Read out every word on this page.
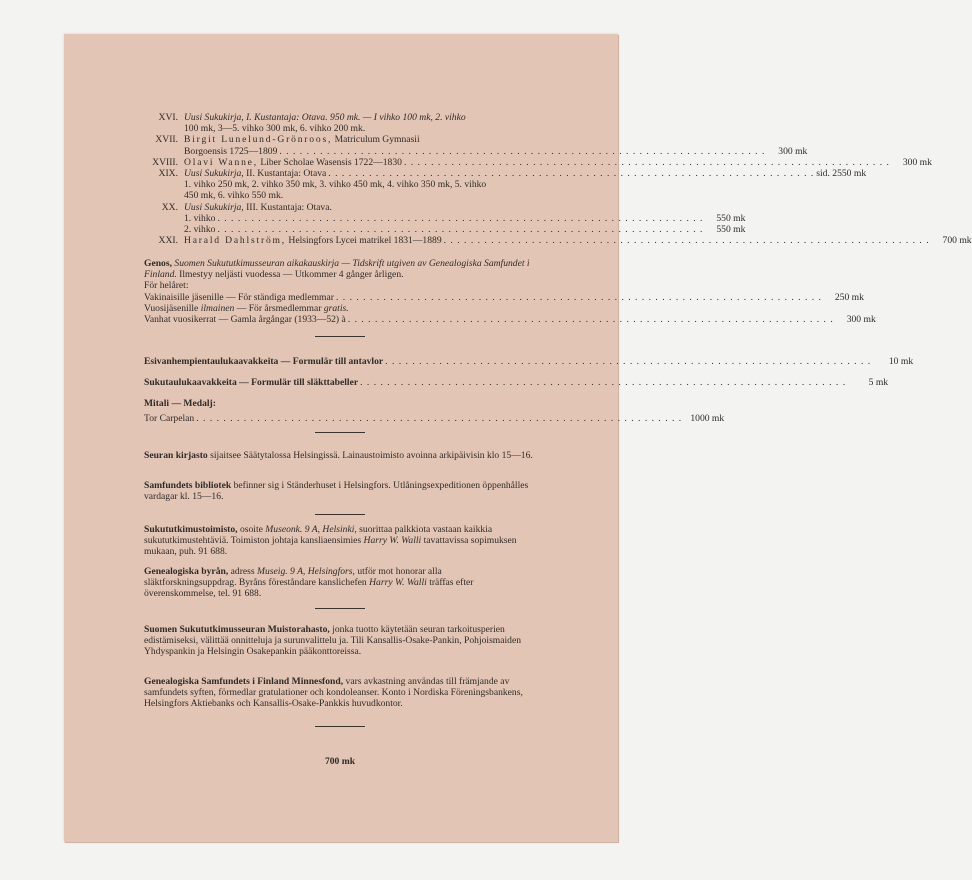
XVI. Uusi Sukukirja, I. Kustantaja: Otava. 950 mk. — I vihko 100 mk, 2. vihko
100 mk, 3—5. vihko 300 mk, 6. vihko 200 mk.
XVII. Birgit Lunelund-Grönroos, Matriculum Gymnasii
Borgoensis 1725—1809 . . .	300 mk
XVIII. Olavi Wanne, Liber Scholae Wasensis 1722—1830 . . .	300 mk
XIX. Uusi Sukukirja, II. Kustantaja: Otava . . .	sid. 2550 mk
1. vihko 250 mk, 2. vihko 350 mk, 3. vihko 450 mk, 4. vihko 350 mk, 5. vihko
450 mk, 6. vihko 550 mk.
XX. Uusi Sukukirja, III. Kustantaja: Otava.
1. vihko . . .	550 mk
2. vihko . . .	550 mk
XXI. Harald Dahlström, Helsingfors Lycei matrikel 1831—1889 . . .	700 mk
Genos, Suomen Sukututkimusseuran aikakauskirja — Tidskrift utgiven av Genealogiska Samfundet i Finland. Ilmestyy neljästi vuodessa — Utkommer 4 gånger årligen.
För helåret:
Vakinaisille jäsenille — För ständiga medlemmar . . .	250 mk
Vuosijäsenille ilmainen — För årsmedlemmar gratis.
Vanhat vuosikerrat — Gamla årgångar (1933—52) à . . .	300 mk
Esivanhempientaulukaavakkeita — Formulär till antavlor . . .	10 mk
Sukutaulukaavakkeita — Formulär till släkttabeller . . .	5 mk
Mitali — Medalj:
Tor Carpelan . . .	1000 mk
Seuran kirjasto sijaitsee Säätytalossa Helsingissä. Lainaustoimisto avoinna arkipäivisin klo 15—16.
Samfundets bibliotek befinner sig i Ständerhuset i Helsingfors. Utlåningsexpeditionen öppenhålles vardagar kl. 15—16.
Sukututkimustoimisto, osoite Museonk. 9 A, Helsinki, suorittaa palkkiota vastaan kaikkia sukututkimustehtäviä. Toimiston johtaja kansliaensimies Harry W. Walli tavattavissa sopimuksen mukaan, puh. 91 688.
Genealogiska byrån, adress Museig. 9 A, Helsingfors, utför mot honorar alla släktforskningsuppdrag. Byråns föreståndare kanslichefen Harry W. Walli träffas efter överenskommelse, tel. 91 688.
Suomen Sukututkimusseuran Muistorahasto, jonka tuotto käytetään seuran tarkoitusperien edistämiseksi, välittää onnitteluja ja surunvalittelu ja. Tili Kansallis-Osake-Pankin, Pohjoismaiden Yhdyspankin ja Helsingin Osakepankin pääkonttoreissa.
Genealogiska Samfundets i Finland Minnesfond, vars avkastning användas till främjande av samfundets syften, förmedlar gratulationer och kondoleanser. Konto i Nordiska Föreningsbankens, Helsingfors Aktiebanks och Kansallis-Osake-Pankkis huvudkontor.
700 mk
